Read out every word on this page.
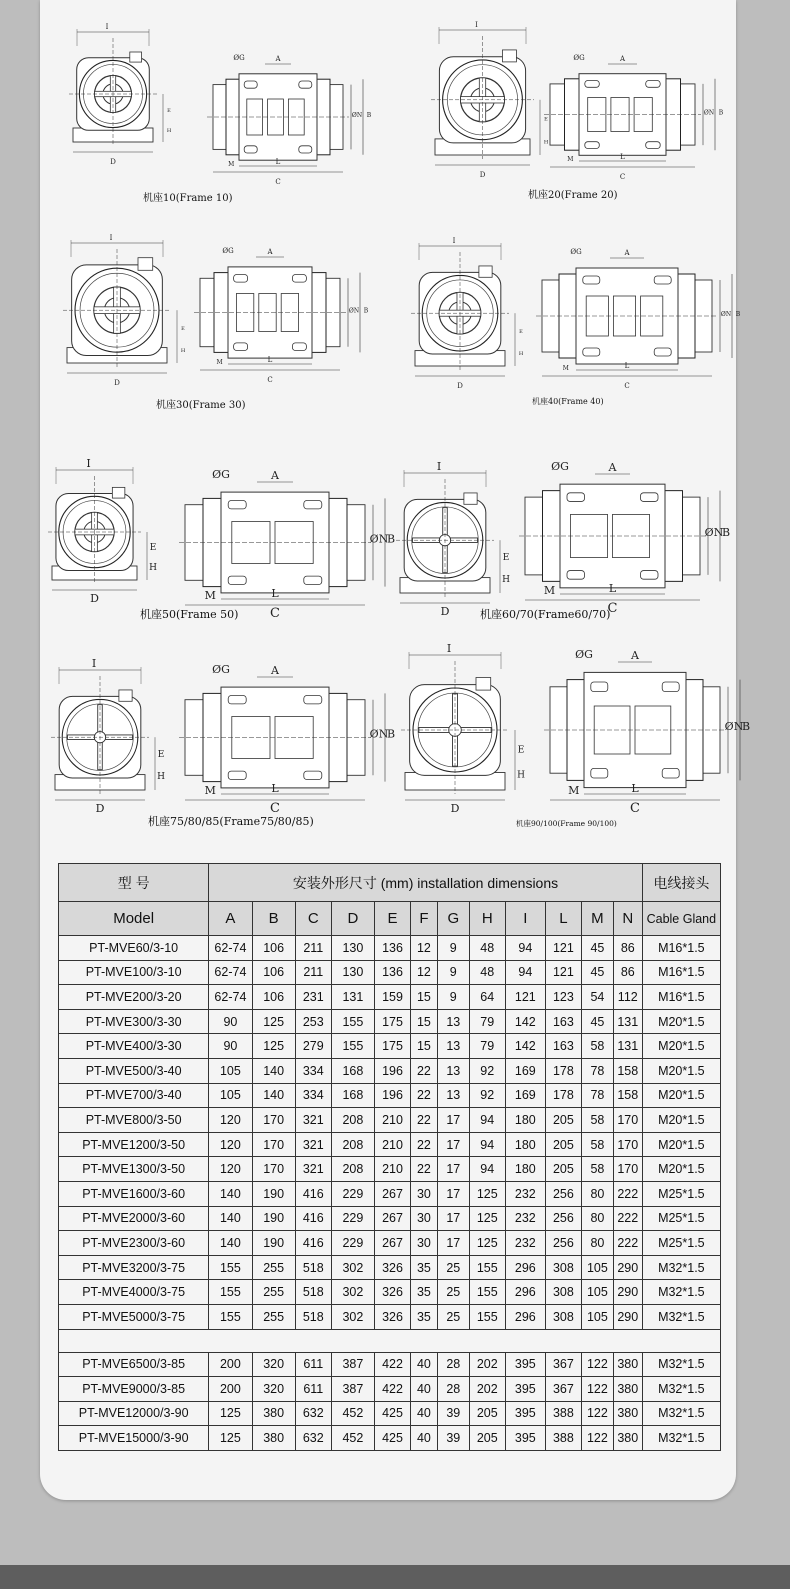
I
D
E
H
A
ØG
C
L
M
ØN B
I
D
E
H
A
ØG
C
L
M
ØN B
I
D
E
H
A
ØG
C
L
M
ØN B
I
D
E
H
A
ØG
C
L
M
ØN B
I
D
E
H
A
ØG
C
L
M
ØN
B
I
D
E
H
A
ØG
C
L
M
ØN
B
I
D
E
H
A
ØG
C
L
M
ØN
B
I
D
E
H
A
ØG
C
L
M
ØN
B
机座10(Frame 10)	机座20(Frame 20)
机座30(Frame 30)	机座40(Frame 40)
机座50(Frame 50)	机座60/70(Frame60/70)
机座75/80/85(Frame75/80/85)	机座90/100(Frame 90/100)
型 号	安装外形尺寸 (mm) installation dimensions												电线接头
Model	A	B	C	D	E	F	G	H	I	L	M	N	Cable Gland
PT-MVE60/3-10	62-74	106	211	130	136	12	9	48	94	121	45	86	M16*1.5
PT-MVE100/3-10	62-74	106	211	130	136	12	9	48	94	121	45	86	M16*1.5
PT-MVE200/3-20	62-74	106	231	131	159	15	9	64	121	123	54	112	M16*1.5
PT-MVE300/3-30	90	125	253	155	175	15	13	79	142	163	45	131	M20*1.5
PT-MVE400/3-30	90	125	279	155	175	15	13	79	142	163	58	131	M20*1.5
PT-MVE500/3-40	105	140	334	168	196	22	13	92	169	178	78	158	M20*1.5
PT-MVE700/3-40	105	140	334	168	196	22	13	92	169	178	78	158	M20*1.5
PT-MVE800/3-50	120	170	321	208	210	22	17	94	180	205	58	170	M20*1.5
PT-MVE1200/3-50	120	170	321	208	210	22	17	94	180	205	58	170	M20*1.5
PT-MVE1300/3-50	120	170	321	208	210	22	17	94	180	205	58	170	M20*1.5
PT-MVE1600/3-60	140	190	416	229	267	30	17	125	232	256	80	222	M25*1.5
PT-MVE2000/3-60	140	190	416	229	267	30	17	125	232	256	80	222	M25*1.5
PT-MVE2300/3-60	140	190	416	229	267	30	17	125	232	256	80	222	M25*1.5
PT-MVE3200/3-75	155	255	518	302	326	35	25	155	296	308	105	290	M32*1.5
PT-MVE4000/3-75	155	255	518	302	326	35	25	155	296	308	105	290	M32*1.5
PT-MVE5000/3-75	155	255	518	302	326	35	25	155	296	308	105	290	M32*1.5

PT-MVE6500/3-85	200	320	611	387	422	40	28	202	395	367	122	380	M32*1.5
PT-MVE9000/3-85	200	320	611	387	422	40	28	202	395	367	122	380	M32*1.5
PT-MVE12000/3-90	125	380	632	452	425	40	39	205	395	388	122	380	M32*1.5
PT-MVE15000/3-90	125	380	632	452	425	40	39	205	395	388	122	380	M32*1.5
